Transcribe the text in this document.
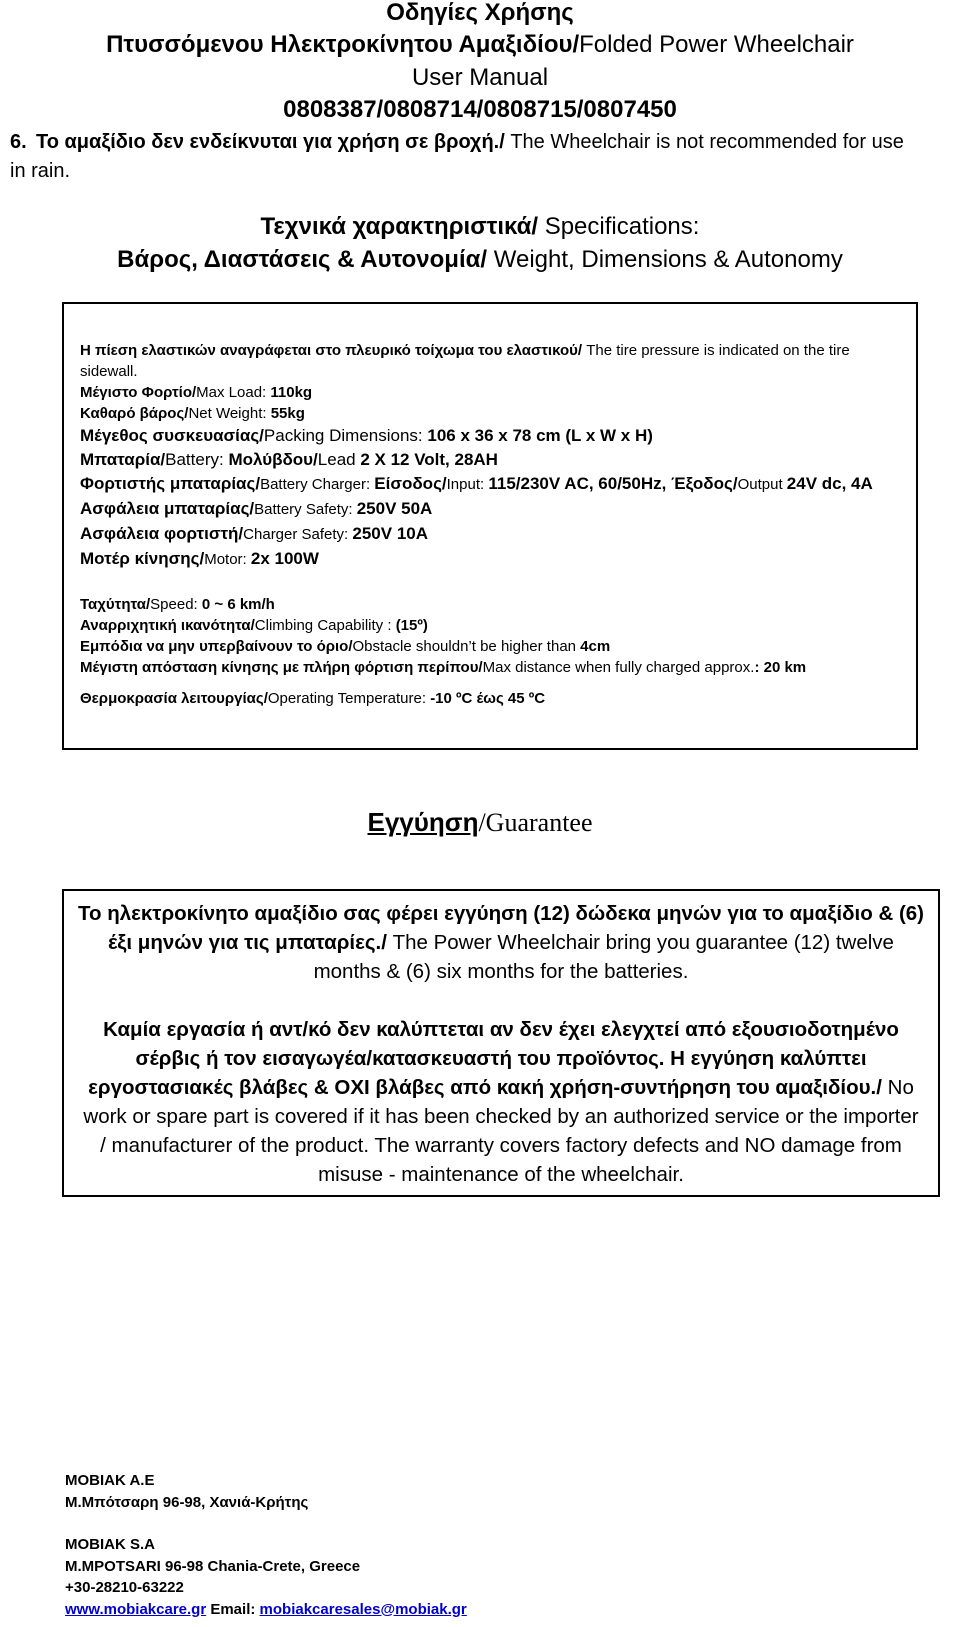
Οδηγίες Χρήσης
Πτυσσόμενου Ηλεκτροκίνητου Αμαξιδίου/Folded Power Wheelchair
User Manual
0808387/0808714/0808715/0807450
6. Το αμαξίδιο δεν ενδείκνυται για χρήση σε βροχή./ The Wheelchair is not recommended for use in rain.
Τεχνικά χαρακτηριστικά/ Specifications:
Βάρος, Διαστάσεις & Αυτονομία/ Weight, Dimensions & Autonomy
Η πίεση ελαστικών αναγράφεται στο πλευρικό τοίχωμα του ελαστικού/ The tire pressure is indicated on the tire sidewall.
Μέγιστο Φορτίο/Max Load: 110kg
Καθαρό βάρος/Net Weight: 55kg
Μέγεθος συσκευασίας/Packing Dimensions: 106 x 36 x 78 cm (L x W x H)
Μπαταρία/Battery: Μολύβδου/Lead 2 X 12 Volt, 28AH
Φορτιστής μπαταρίας/Battery Charger: Είσοδος/Input: 115/230V AC, 60/50Hz, Έξοδος/Output 24V dc, 4A
Ασφάλεια μπαταρίας/Battery Safety: 250V 50A
Ασφάλεια φορτιστή/Charger Safety: 250V 10A
Μοτέρ κίνησης/Motor: 2x 100W
Ταχύτητα/Speed: 0 ~ 6 km/h
Αναρριχητική ικανότητα/Climbing Capability : (15º)
Εμπόδια να μην υπερβαίνουν το όριο/Obstacle shouldn’t be higher than 4cm
Μέγιστη απόσταση κίνησης με πλήρη φόρτιση περίπου/Max distance when fully charged approx.: 20 km
Θερμοκρασία λειτουργίας/Operating Temperature: -10 ºC έως 45 ºC
Εγγύηση/Guarantee

Το ηλεκτροκίνητο αμαξίδιο σας φέρει εγγύηση (12) δώδεκα μηνών για το αμαξίδιο & (6) έξι μηνών για τις μπαταρίες./ The Power Wheelchair bring you guarantee (12) twelve months & (6) six months for the batteries.

Καμία εργασία ή αντ/κό δεν καλύπτεται αν δεν έχει ελεγχτεί από εξουσιοδοτημένο σέρβις ή τον εισαγωγέα/κατασκευαστή του προϊόντος. Η εγγύηση καλύπτει εργοστασιακές βλάβες & ΟΧΙ βλάβες από κακή χρήση-συντήρηση του αμαξιδίου./ No work or spare part is covered if it has been checked by an authorized service or the importer / manufacturer of the product. The warranty covers factory defects and NO damage from misuse - maintenance of the wheelchair.

MOBIAK A.E
Μ.Μπότσαρη 96-98, Χανιά-Κρήτης
MOBIAK S.A
M.MPOTSARI 96-98 Chania-Crete, Greece
+30-28210-63222
www.mobiakcare.gr Email: mobiakcaresales@mobiak.gr
